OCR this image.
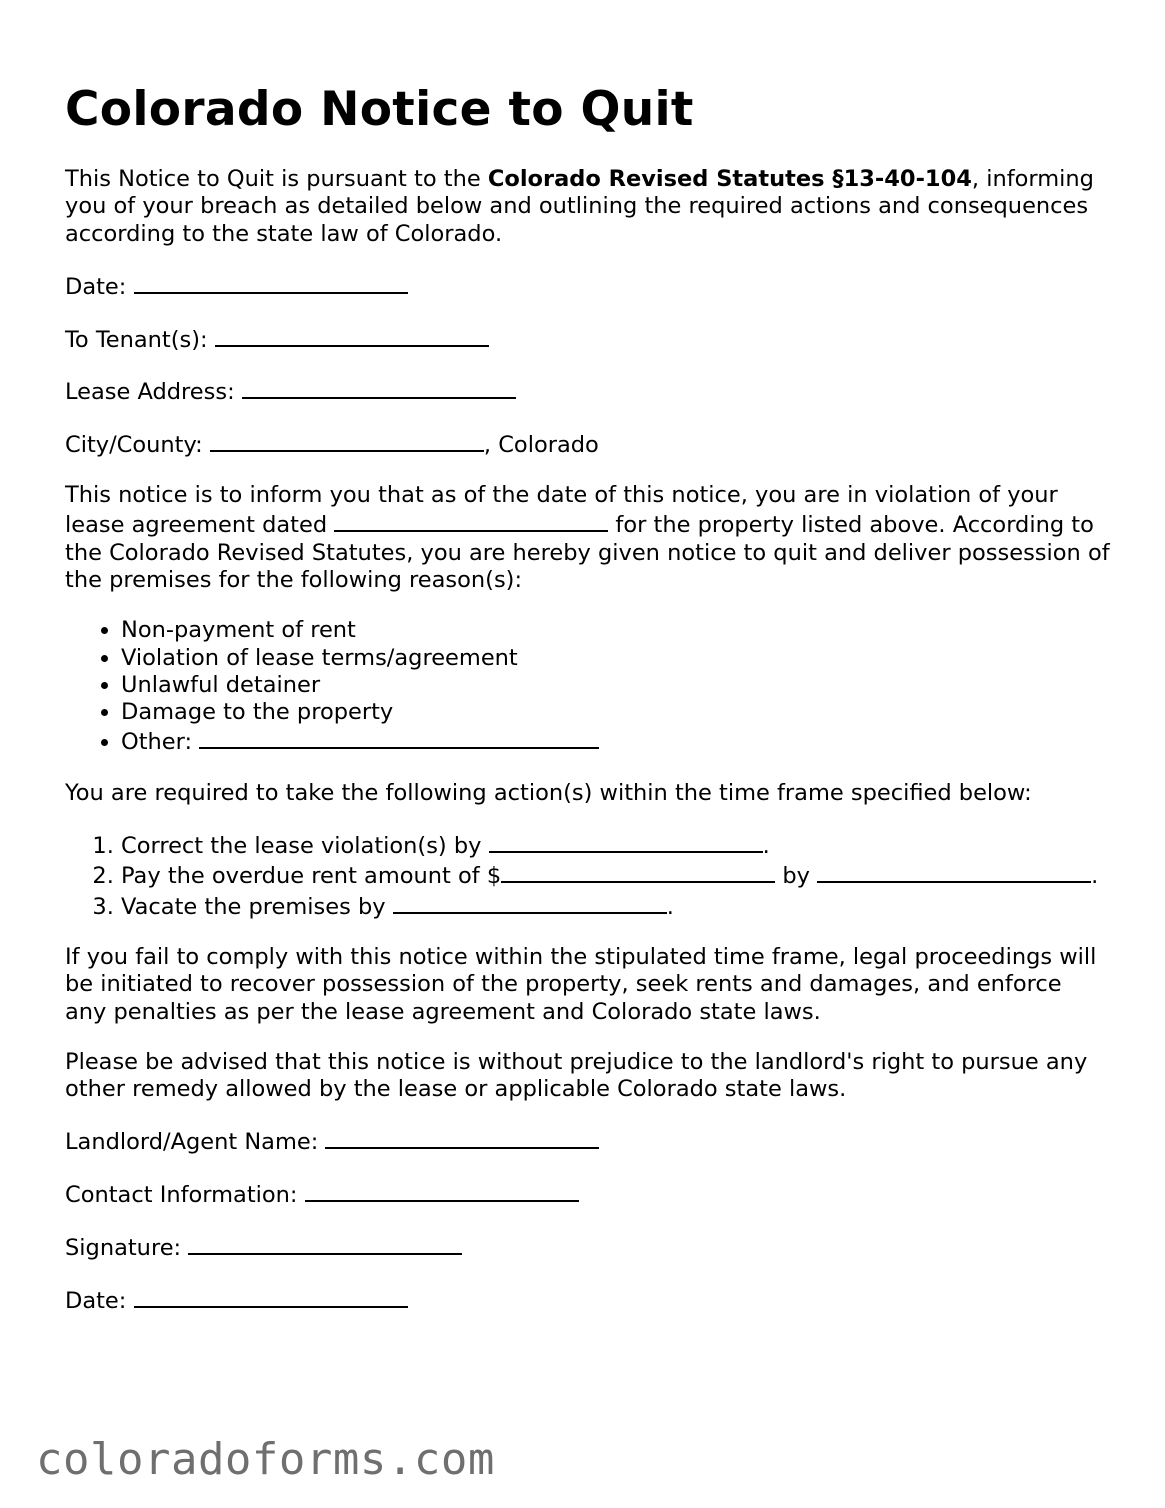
Colorado Notice to Quit

This Notice to Quit is pursuant to the Colorado Revised Statutes §13-40-104, informing you of your breach as detailed below and outlining the required actions and consequences according to the state law of Colorado.

Date:

To Tenant(s):

Lease Address:

City/County:	, Colorado

This notice is to inform you that as of the date of this notice, you are in violation of your lease agreement dated	for the property listed above. According to the Colorado Revised Statutes, you are hereby given notice to quit and deliver possession of the premises for the following reason(s):

• Non-payment of rent
• Violation of lease terms/agreement
• Unlawful detainer
• Damage to the property
• Other:

You are required to take the following action(s) within the time frame specified below:

1. Correct the lease violation(s) by	.
2. Pay the overdue rent amount of $	by	.
3. Vacate the premises by	.

If you fail to comply with this notice within the stipulated time frame, legal proceedings will be initiated to recover possession of the property, seek rents and damages, and enforce any penalties as per the lease agreement and Colorado state laws.

Please be advised that this notice is without prejudice to the landlord's right to pursue any other remedy allowed by the lease or applicable Colorado state laws.

Landlord/Agent Name:

Contact Information:

Signature:

Date:

coloradoforms.com
